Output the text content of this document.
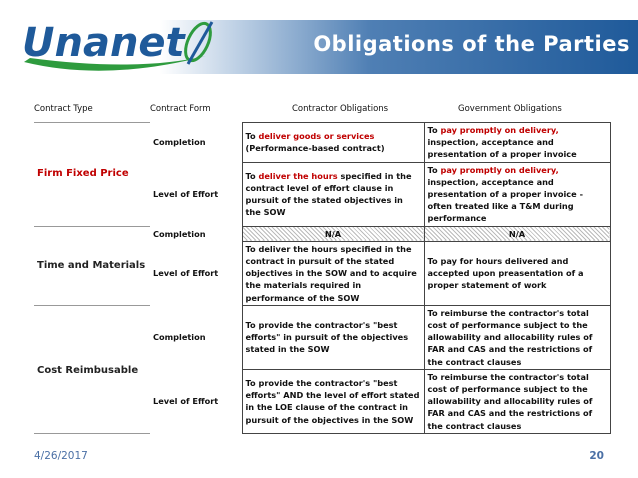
Unanet	Obligations of the Parties
Contract Type	Contract Form	Contractor Obligations	Government Obligations
Firm Fixed Price	Completion	To deliver goods or services (Performance-based contract)	To pay promptly on delivery, inspection, acceptance and presentation of a proper invoice
	Level of Effort	To deliver the hours specified in the contract level of effort clause in pursuit of the stated objectives in the SOW	To pay promptly on delivery, inspection, acceptance and presentation of a proper invoice - often treated like a T&M during performance
Time and Materials	Completion	N/A	N/A
	Level of Effort	To deliver the hours specified in the contract in pursuit of the stated objectives in the SOW and to acquire the materials required in performance of the SOW	To pay for hours delivered and accepted upon preasentation of a proper statement of work
Cost Reimbusable	Completion	To provide the contractor's "best efforts" in pursuit of the objectives stated in the SOW	To reimburse the contractor's total cost of performance subject to the allowability and allocability rules of FAR and CAS and the restrictions of the contract clauses
	Level of Effort	To provide the contractor's "best efforts" AND the level of effort stated in the LOE clause of the contract in pursuit of the objectives in the SOW	To reimburse the contractor's total cost of performance subject to the allowability and allocability rules of FAR and CAS and the restrictions of the contract clauses
4/26/2017	20
